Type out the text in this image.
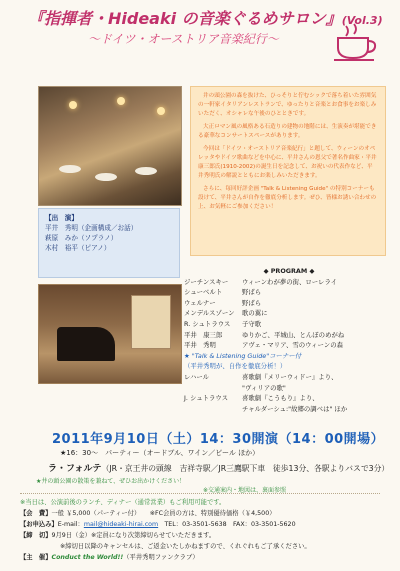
『指揮者・Hideaki の音楽ぐるめサロン』(Vol.3)
～ドイツ・オーストリア音楽紀行～

井の頭公園の森を抜けた、ひっそりと佇むシックで落ち着いた雰囲気の一軒家イタリアンレストランで、ゆったりと音楽とお食事をお楽しみいただく、オシャレな午後のひとときです。

大正ロマン風の風格ある石造りの建物の地階には、生演奏が堪能できる豪華なコンサートスペースがあります。

今回は「ドイツ・オーストリア音楽紀行」と題して、ウィーンのオペレッタやドイツ歌曲などを中心に、平井さんの恩父で著名作曲家・平井康三郎氏(1910-2002)の誕生日を記念して、お祝いの代表作など、平井秀明氏の解説とともにお楽しみいただきます。

さらに、毎回好評企画 "Talk & Listening Guide" の特別コーナーも設けて、平井さんが自作を徹底分析します。ぜひ、皆様お誘い合わせの上、お気軽にご参加ください！

【出　演】
平井　秀明（企画構成／お話）
萩原　みか（ソプラノ）
木村　裕平（ピアノ）
◆ PROGRAM ◆
ジーチンスキー ウィーンわが夢の街、ローレライ
シューベルト	野ばら
ウェルナー	野ばら
メンデルスゾーン 歌の翼に
R. シュトラウス 子守歌
平井　康三郎	ゆりかご、平城山、とんぼのめがね
平井　秀明	アヴェ・マリア、雪のウィーンの森
★ "Talk & Listening Guide"コーナー付
（平井秀明が、自作を徹底分析！）
レハール	喜歌劇『メリーウィドー』より、
"ヴィリアの歌"
J. シュトラウス 喜歌劇『こうもり』より、
チャルダーシュ:"故郷の調べは" ほか
2011年9月10日（土）14：30開演（14：00開場）
★16：30～　パーティー（オードブル、ワイン／ビール ほか）
ラ・フォルテ（JR・京王井の頭線　吉祥寺駅／JR三鷹駅下車　徒歩13分、各駅よりバスで3分）
★井の頭公園の散策を兼ねて、ぜひお出かけください！
※交通案内・地図は、裏面参照
※当日は、公演前後のランチ、ディナー（通常営業）もご利用可能です。
【会　費】一般 ￥5,000（パーティー付）　　 ※FC会員の方は、特別優待価格（￥4,500）
【お申込み】E-mail：mail@hideaki-hirai.com　 TEL：03-3501-5638　 FAX：03-3501-5620
【締　切】9月9日（金）※定員になり次第締切らせていただきます。
※締切日以降のキャンセルは、ご返金いたしかねますので、くれぐれもご了承ください。
【主　催】Conduct the World!!（平井秀明ファンクラブ）
